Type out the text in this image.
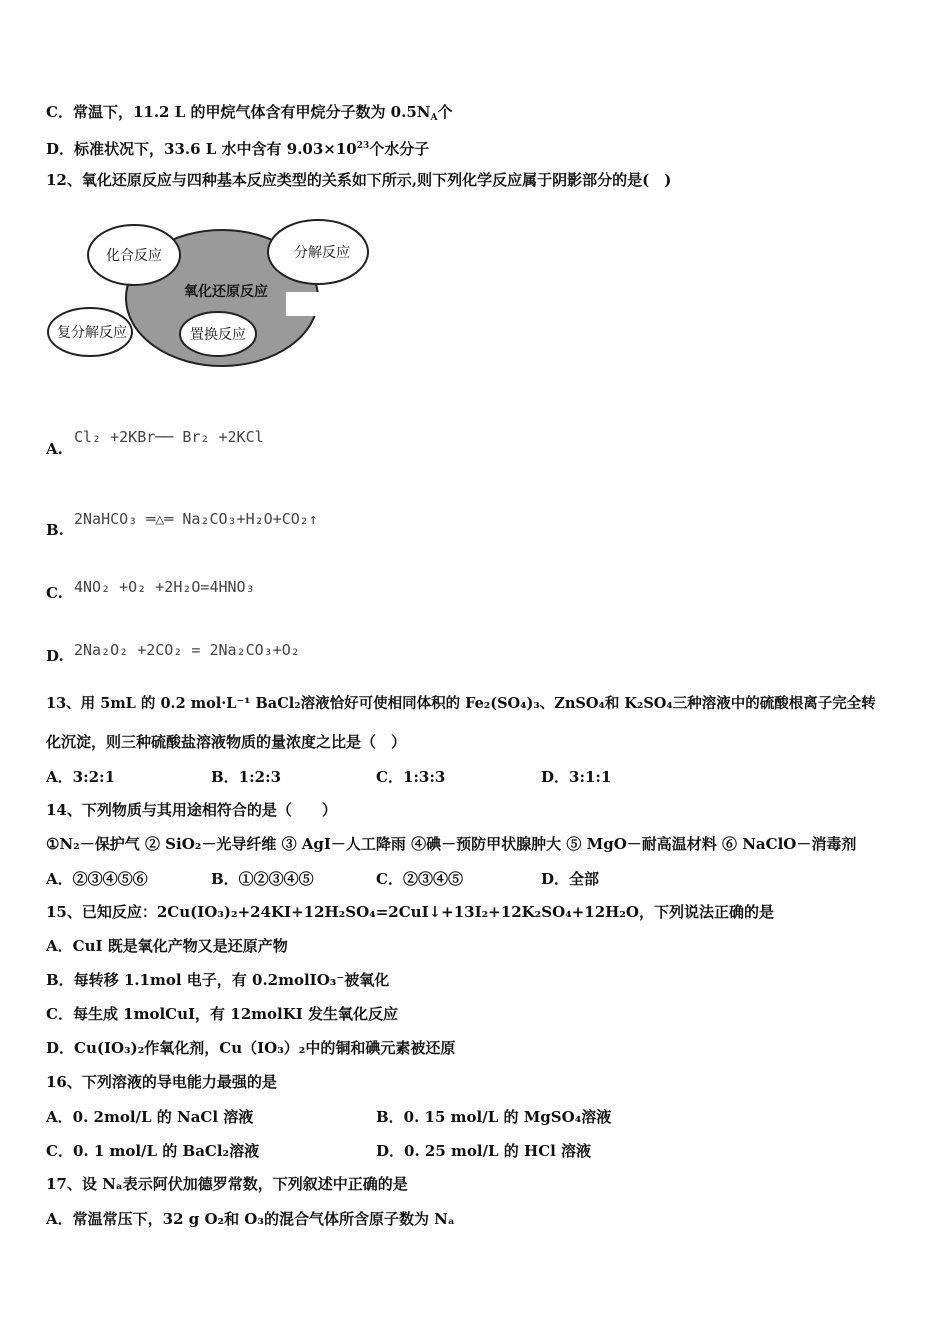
C．常温下，11.2 L 的甲烷气体含有甲烷分子数为 $0.5N_A$个
D．标准状况下，33.6 L 水中含有 $9.03\times 10^{23}$个水分子
12、氧化还原反应与四种基本反应类型的关系如下所示,则下列化学反应属于阴影部分的是(　)
化合反应	分解反应
氧化还原反应
复分解反应	置换反应
A.
Cl₂ +2KBr── Br₂ +2KCl
B.
2NaHCO₃ ═△═ Na₂CO₃+H₂O+CO₂↑
C. 4NO₂ +O₂ +2H₂O=4HNO₃
D. 2Na₂O₂ +2CO₂ = 2Na₂CO₃+O₂
13、用 5mL 的 0.2 mol·L⁻¹ BaCl₂溶液恰好可使相同体积的 Fe₂(SO₄)₃、ZnSO₄和 K₂SO₄三种溶液中的硫酸根离子完全转
化沉淀，则三种硫酸盐溶液物质的量浓度之比是（　）
A．3:2:1	B．1:2:3	C．1:3:3	D．3:1:1
14、下列物质与其用途相符合的是（　　）
①N₂－保护气 ② SiO₂－光导纤维 ③ AgI－人工降雨 ④碘－预防甲状腺肿大 ⑤ MgO－耐高温材料 ⑥ NaClO－消毒剂
A．②③④⑤⑥	B．①②③④⑤	C．②③④⑤	D．全部
15、已知反应：2Cu(IO₃)₂+24KI+12H₂SO₄=2CuI↓+13I₂+12K₂SO₄+12H₂O，下列说法正确的是
A．CuI 既是氧化产物又是还原产物
B．每转移 1.1mol 电子，有 0.2molIO₃⁻被氧化
C．每生成 1molCuI，有 12molKI 发生氧化反应
D．Cu(IO₃)₂作氧化剂，Cu（IO₃）₂中的铜和碘元素被还原
16、下列溶液的导电能力最强的是
A．0. 2mol/L 的 NaCl 溶液	B．0. 15 mol/L 的 MgSO₄溶液
C．0. 1 mol/L 的 BaCl₂溶液	D．0. 25 mol/L 的 HCl 溶液
17、设 Nₐ表示阿伏加德罗常数，下列叙述中正确的是
A．常温常压下，32 g O₂和 O₃的混合气体所含原子数为 Nₐ
